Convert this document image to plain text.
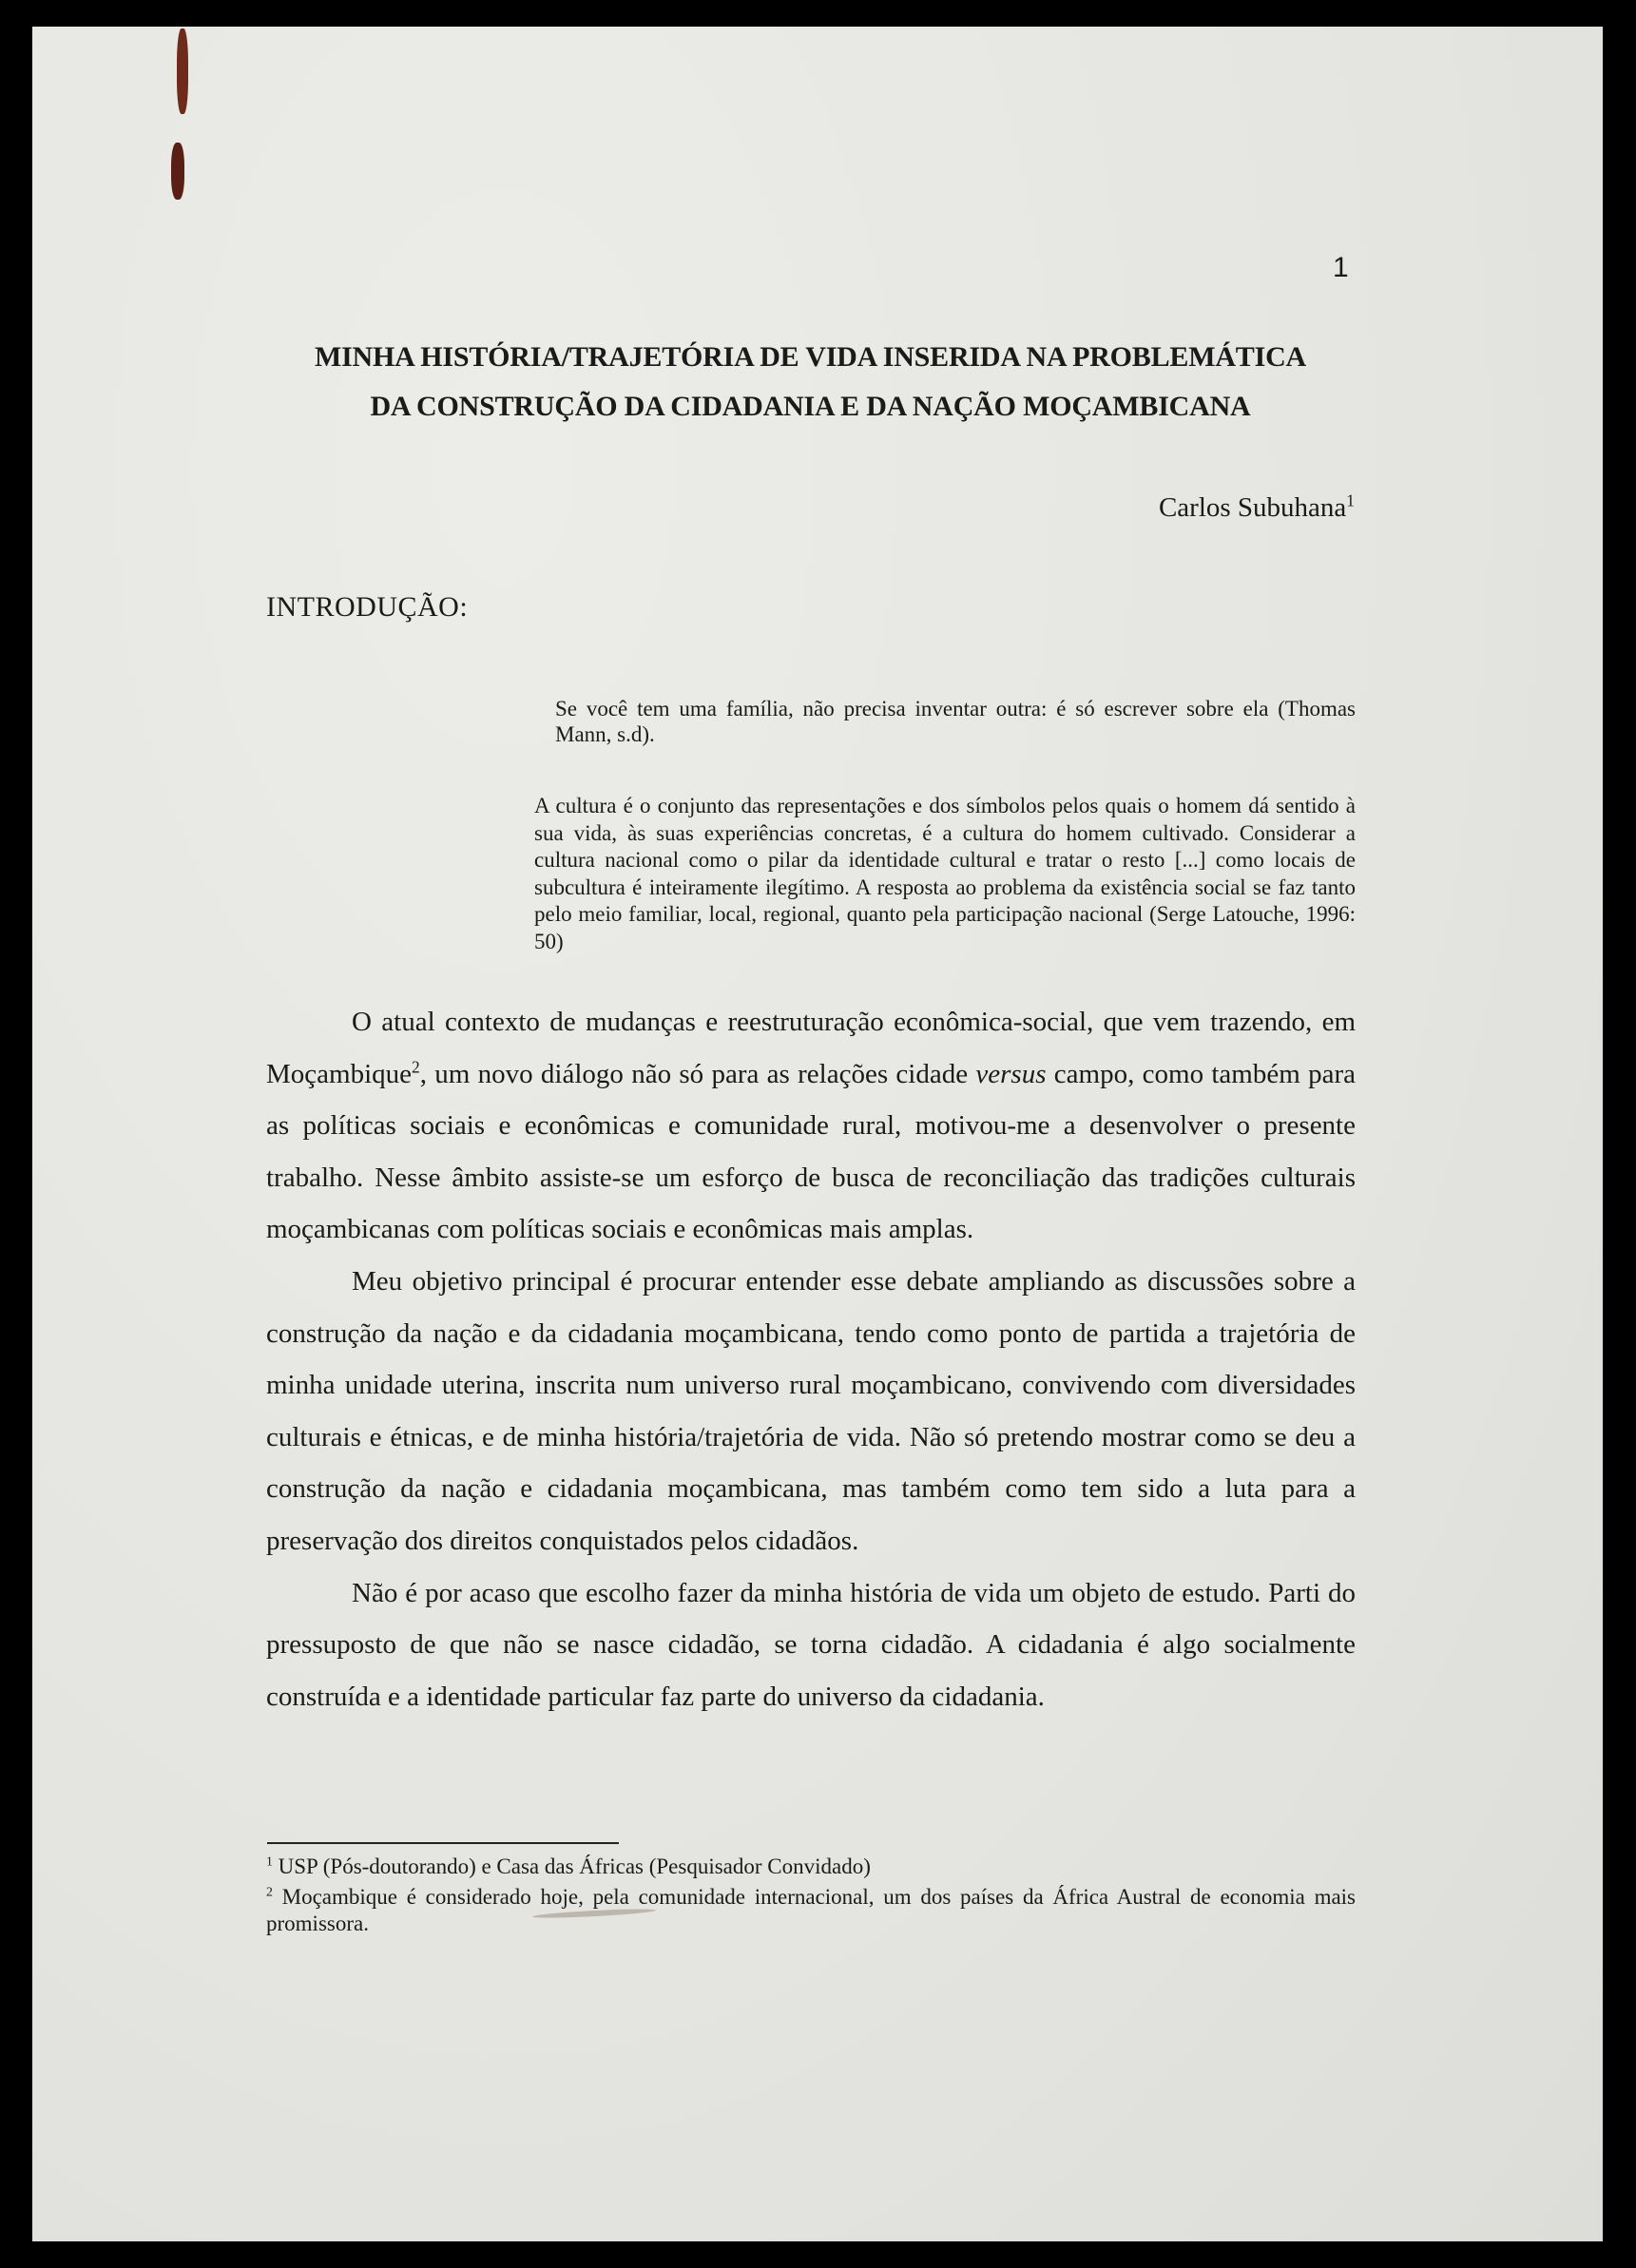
1
MINHA HISTÓRIA/TRAJETÓRIA DE VIDA INSERIDA NA PROBLEMÁTICA
DA CONSTRUÇÃO DA CIDADANIA E DA NAÇÃO MOÇAMBICANA
Carlos Subuhana$^1$
INTRODUÇÃO:
Se você tem uma família, não precisa inventar outra: é só escrever sobre ela (Thomas Mann, s.d).
A cultura é o conjunto das representações e dos símbolos pelos quais o homem dá sentido à sua vida, às suas experiências concretas, é a cultura do homem cultivado. Considerar a cultura nacional como o pilar da identidade cultural e tratar o resto [...] como locais de subcultura é inteiramente ilegítimo. A resposta ao problema da existência social se faz tanto pelo meio familiar, local, regional, quanto pela participação nacional (Serge Latouche, 1996: 50)

O atual contexto de mudanças e reestruturação econômica-social, que vem trazendo, em Moçambique$^2$, um novo diálogo não só para as relações cidade versus campo, como também para as políticas sociais e econômicas e comunidade rural, motivou-me a desenvolver o presente trabalho. Nesse âmbito assiste-se um esforço de busca de reconciliação das tradições culturais moçambicanas com políticas sociais e econômicas mais amplas.

Meu objetivo principal é procurar entender esse debate ampliando as discussões sobre a construção da nação e da cidadania moçambicana, tendo como ponto de partida a trajetória de minha unidade uterina, inscrita num universo rural moçambicano, convivendo com diversidades culturais e étnicas, e de minha história/trajetória de vida. Não só pretendo mostrar como se deu a construção da nação e cidadania moçambicana, mas também como tem sido a luta para a preservação dos direitos conquistados pelos cidadãos.

Não é por acaso que escolho fazer da minha história de vida um objeto de estudo. Parti do pressuposto de que não se nasce cidadão, se torna cidadão. A cidadania é algo socialmente construída e a identidade particular faz parte do universo da cidadania.

$^1$ USP (Pós-doutorando) e Casa das Áfricas (Pesquisador Convidado)
$^2$ Moçambique é considerado hoje, pela comunidade internacional, um dos países da África Austral de economia mais promissora.
